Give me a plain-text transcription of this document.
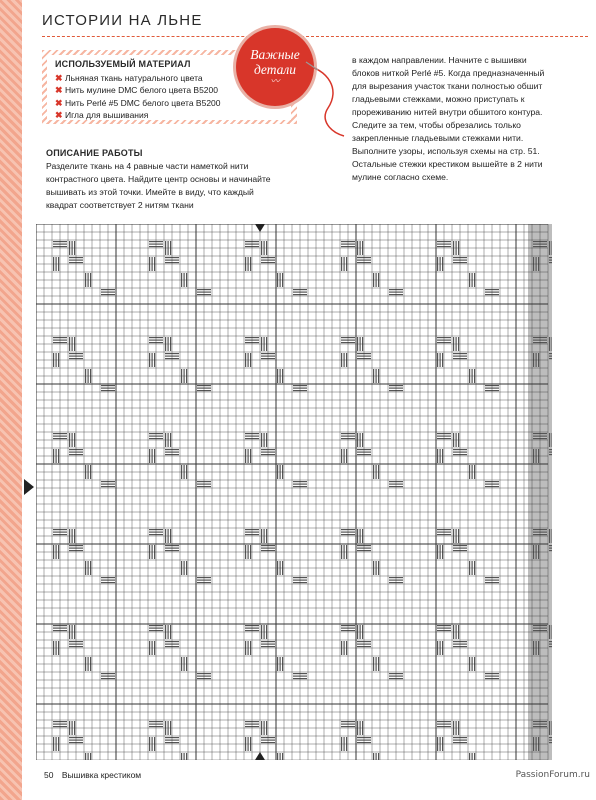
ИСТОРИИ НА ЛЬНЕ
ИСПОЛЬЗУЕМЫЙ МАТЕРИАЛ
✖ Льняная ткань натурального цвета
✖ Нить мулине DMC белого цвета B5200
✖ Нить Perlé #5 DMC белого цвета B5200
✖ Игла для вышивания
Важные
детали
〰
ОПИСАНИЕ РАБОТЫ

Разделите ткань на 4 равные части наметкой нити контрастного цвета. Найдите центр основы и начинайте вышивать из этой точки. Имейте в виду, что каждый квадрат соответствует 2 нитям ткани

в каждом направлении. Начните с вышивки блоков ниткой Perlé #5. Когда предназначенный для вырезания участок ткани полностью обшит гладьевыми стежками, можно приступать к прореживанию нитей внутри обшитого контура. Следите за тем, чтобы обрезались только закрепленные гладьевыми стежками нити. Выполните узоры, используя схемы на стр. 51. Остальные стежки крестиком вышейте в 2 нити мулине согласно схеме.

50 Вышивка крестиком	PassionForum.ru
